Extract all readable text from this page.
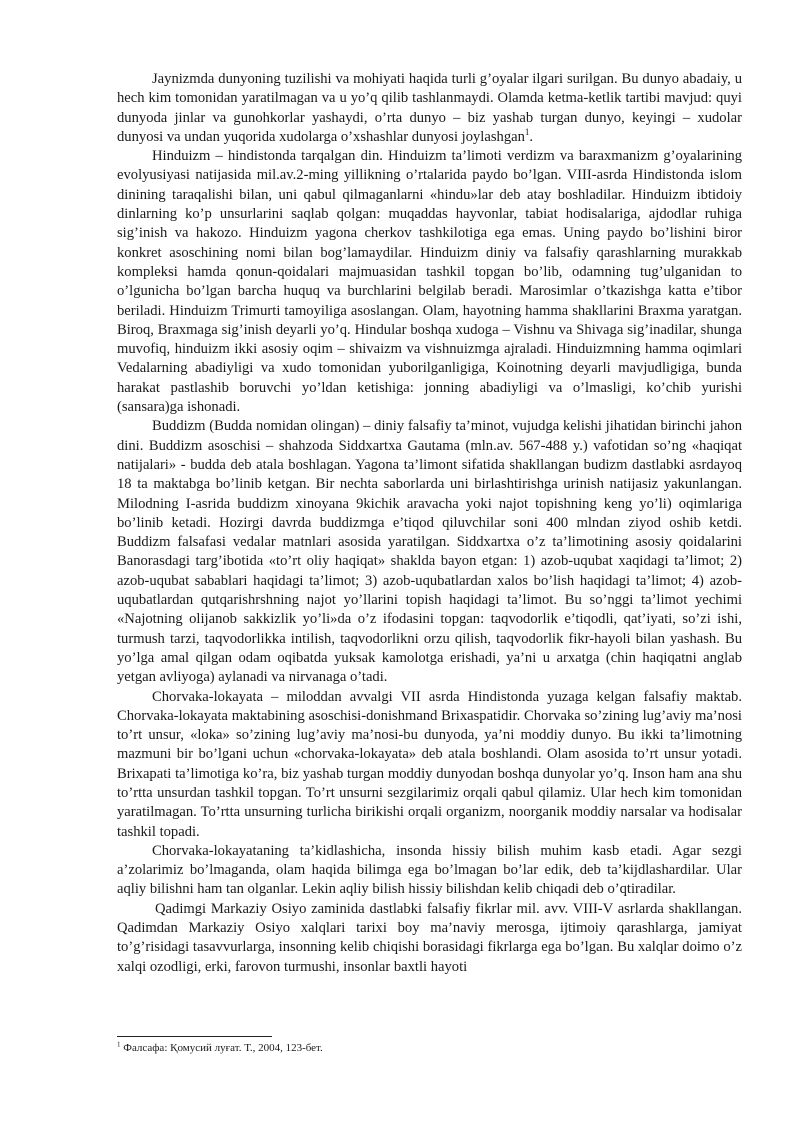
Jaynizmda dunyoning tuzilishi va mohiyati haqida turli g’oyalar ilgari surilgan. Bu dunyo abadaiy, u hech kim tomonidan yaratilmagan va u yo’q qilib tashlanmaydi. Olamda ketma-ketlik tartibi mavjud: quyi dunyoda jinlar va gunohkorlar yashaydi, o’rta dunyo – biz yashab turgan dunyo, keyingi – xudolar dunyosi va undan yuqorida xudolarga o’xshashlar dunyosi joylashgan$^1$.

Hinduizm – hindistonda tarqalgan din. Hinduizm ta’limoti verdizm va baraxmanizm g’oyalarining evolyusiyasi natijasida mil.av.2-ming yillikning o’rtalarida paydo bo’lgan. VIII-asrda Hindistonda islom dinining taraqalishi bilan, uni qabul qilmaganlarni «hindu»lar deb atay boshladilar. Hinduizm ibtidoiy dinlarning ko’p unsurlarini saqlab qolgan: muqaddas hayvonlar, tabiat hodisalariga, ajdodlar ruhiga sig’inish va hakozo. Hinduizm yagona cherkov tashkilotiga ega emas. Uning paydo bo’lishini biror konkret asoschining nomi bilan bog’lamaydilar. Hinduizm diniy va falsafiy qarashlarning murakkab kompleksi hamda qonun-qoidalari majmuasidan tashkil topgan bo’lib, odamning tug’ulganidan to o’lgunicha bo’lgan barcha huquq va burchlarini belgilab beradi. Marosimlar o’tkazishga katta e’tibor beriladi. Hinduizm Trimurti tamoyiliga asoslangan. Olam, hayotning hamma shakllarini Braxma yaratgan. Biroq, Braxmaga sig’inish deyarli yo’q. Hindular boshqa xudoga – Vishnu va Shivaga sig’inadilar, shunga muvofiq, hinduizm ikki asosiy oqim – shivaizm va vishnuizmga ajraladi. Hinduizmning hamma oqimlari Vedalarning abadiyligi va xudo tomonidan yuborilganligiga, Koinotning deyarli mavjudligiga, bunda harakat pastlashib boruvchi yo’ldan ketishiga: jonning abadiyligi va o’lmasligi, ko’chib yurishi (sansara)ga ishonadi.

Buddizm (Budda nomidan olingan) – diniy falsafiy ta’minot, vujudga kelishi jihatidan birinchi jahon dini. Buddizm asoschisi – shahzoda Siddxartxa Gautama (mln.av. 567-488 y.) vafotidan so’ng «haqiqat natijalari» - budda deb atala boshlagan. Yagona ta’limont sifatida shakllangan budizm dastlabki asrdayoq 18 ta maktabga bo’linib ketgan. Bir nechta saborlarda uni birlashtirishga urinish natijasiz yakunlangan. Milodning I-asrida buddizm xinoyana 9kichik aravacha yoki najot topishning keng yo’li) oqimlariga bo’linib ketadi. Hozirgi davrda buddizmga e’tiqod qiluvchilar soni 400 mlndan ziyod oshib ketdi. Buddizm falsafasi vedalar matnlari asosida yaratilgan. Siddxartxa o’z ta’limotining asosiy qoidalarini Banorasdagi targ’ibotida «to’rt oliy haqiqat» shaklda bayon etgan: 1) azob-uqubat xaqidagi ta’limot; 2) azob-uqubat sabablari haqidagi ta’limot; 3) azob-uqubatlardan xalos bo’lish haqidagi ta’limot; 4) azob-uqubatlardan qutqarishrshning najot yo’llarini topish haqidagi ta’limot. Bu so’nggi ta’limot yechimi «Najotning olijanob sakkizlik yo’li»da o’z ifodasini topgan: taqvodorlik e’tiqodli, qat’iyati, so’zi ishi, turmush tarzi, taqvodorlikka intilish, taqvodorlikni orzu qilish, taqvodorlik fikr-hayoli bilan yashash. Bu yo’lga amal qilgan odam oqibatda yuksak kamolotga erishadi, ya’ni u arxatga (chin haqiqatni anglab yetgan avliyoga) aylanadi va nirvanaga o’tadi.

Chorvaka-lokayata – miloddan avvalgi VII asrda Hindistonda yuzaga kelgan falsafiy maktab. Chorvaka-lokayata maktabining asoschisi-donishmand Brixaspatidir. Chorvaka so’zining lug’aviy ma’nosi to’rt unsur, «loka» so’zining lug’aviy ma’nosi-bu dunyoda, ya’ni moddiy dunyo. Bu ikki ta’limotning mazmuni bir bo’lgani uchun «chorvaka-lokayata» deb atala boshlandi. Olam asosida to’rt unsur yotadi. Brixapati ta’limotiga ko’ra, biz yashab turgan moddiy dunyodan boshqa dunyolar yo’q. Inson ham ana shu to’rtta unsurdan tashkil topgan. To’rt unsurni sezgilarimiz orqali qabul qilamiz. Ular hech kim tomonidan yaratilmagan. To’rtta unsurning turlicha birikishi orqali organizm, noorganik moddiy narsalar va hodisalar tashkil topadi.

Chorvaka-lokayataning ta’kidlashicha, insonda hissiy bilish muhim kasb etadi. Agar sezgi a’zolarimiz bo’lmaganda, olam haqida bilimga ega bo’lmagan bo’lar edik, deb ta’kijdlashardilar. Ular aqliy bilishni ham tan olganlar. Lekin aqliy bilish hissiy bilishdan kelib chiqadi deb o’qtiradilar.

Qadimgi Markaziy Osiyo zaminida dastlabki falsafiy fikrlar mil. avv. VIII-V asrlarda shakllangan. Qadimdan Markaziy Osiyo xalqlari tarixi boy ma’naviy merosga, ijtimoiy qarashlarga, jamiyat to’g’risidagi tasavvurlarga, insonning kelib chiqishi borasidagi fikrlarga ega bo’lgan. Bu xalqlar doimo o’z xalqi ozodligi, erki, farovon turmushi, insonlar baxtli hayoti

$^1$ Фалсафа: Қомусий луғат. Т., 2004, 123-бет.
